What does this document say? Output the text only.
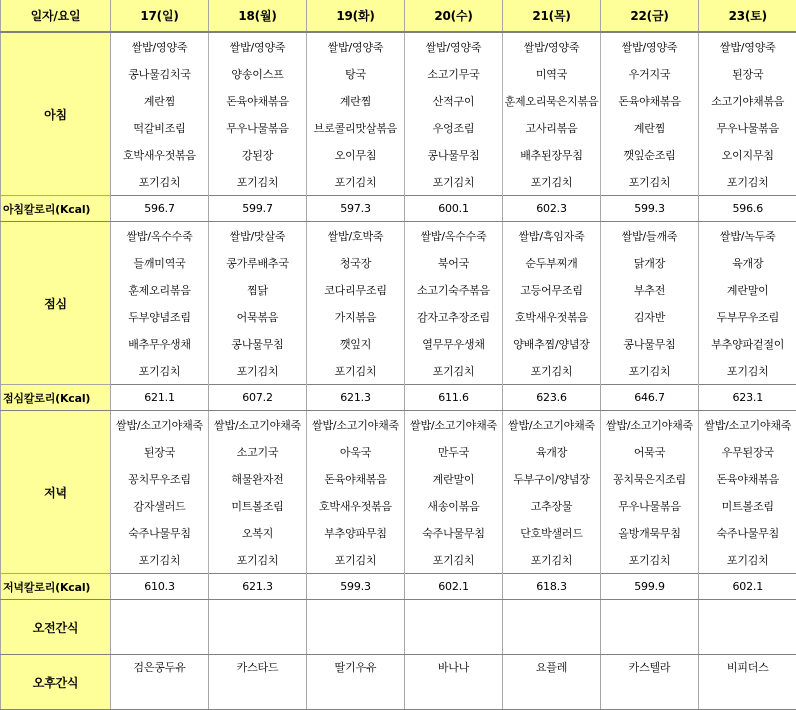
일자/요일	17(일)	18(월)	19(화)	20(수)	21(목)	22(금)	23(토)
아침	쌀밥/영양죽	쌀밥/영양죽	쌀밥/영양죽	쌀밥/영양죽	쌀밥/영양죽	쌀밥/영양죽	쌀밥/영양죽
	콩나물김치국	양송이스프	탕국	소고기무국	미역국	우거지국	된장국
	계란찜	돈육야채볶음	계란찜	산적구이	훈제오리묵은지볶음	돈육야채볶음	소고기야채볶음
	떡갈비조림	무우나물볶음	브로콜리맛살볶음	우엉조림	고사리볶음	계란찜	무우나물볶음
	호박새우젓볶음	강된장	오이무침	콩나물무침	배추된장무침	깻잎순조림	오이지무침
	포기김치	포기김치	포기김치	포기김치	포기김치	포기김치	포기김치
아침칼로리(Kcal)	596.7	599.7	597.3	600.1	602.3	599.3	596.6
점심	쌀밥/옥수수죽	쌀밥/맛살죽	쌀밥/호박죽	쌀밥/옥수수죽	쌀밥/흑임자죽	쌀밥/들깨죽	쌀밥/녹두죽
	들깨미역국	콩가루배추국	청국장	북어국	순두부찌개	닭개장	육개장
	훈제오리볶음	찜닭	코다리무조림	소고기숙주볶음	고등어무조림	부추전	계란말이
	두부양념조림	어묵볶음	가지볶음	감자고추장조림	호박새우젓볶음	김자반	두부무우조림
	배추무우생채	콩나물무침	깻잎지	열무무우생채	양배추찜/양념장	콩나물무침	부추양파겉절이
	포기김치	포기김치	포기김치	포기김치	포기김치	포기김치	포기김치
점심칼로리(Kcal)	621.1	607.2	621.3	611.6	623.6	646.7	623.1
저녁	쌀밥/소고기야채죽	쌀밥/소고기야채죽	쌀밥/소고기야채죽	쌀밥/소고기야채죽	쌀밥/소고기야채죽	쌀밥/소고기야채죽	쌀밥/소고기야채죽
	된장국	소고기국	아욱국	만두국	육개장	어묵국	우무된장국
	꽁치무우조림	해물완자전	돈육야채볶음	계란말이	두부구이/양념장	꽁치묵은지조림	돈육야채볶음
	감자샐러드	미트볼조림	호박새우젓볶음	새송이볶음	고추장물	무우나물볶음	미트볼조림
	숙주나물무침	오복지	부추양파무침	숙주나물무침	단호박샐러드	올방개묵무침	숙주나물무침
	포기김치	포기김치	포기김치	포기김치	포기김치	포기김치	포기김치
저녁칼로리(Kcal)	610.3	621.3	599.3	602.1	618.3	599.9	602.1
오전간식							
오후간식	검은콩두유	카스타드	딸기우유	바나나	요플레	카스텔라	비피더스
